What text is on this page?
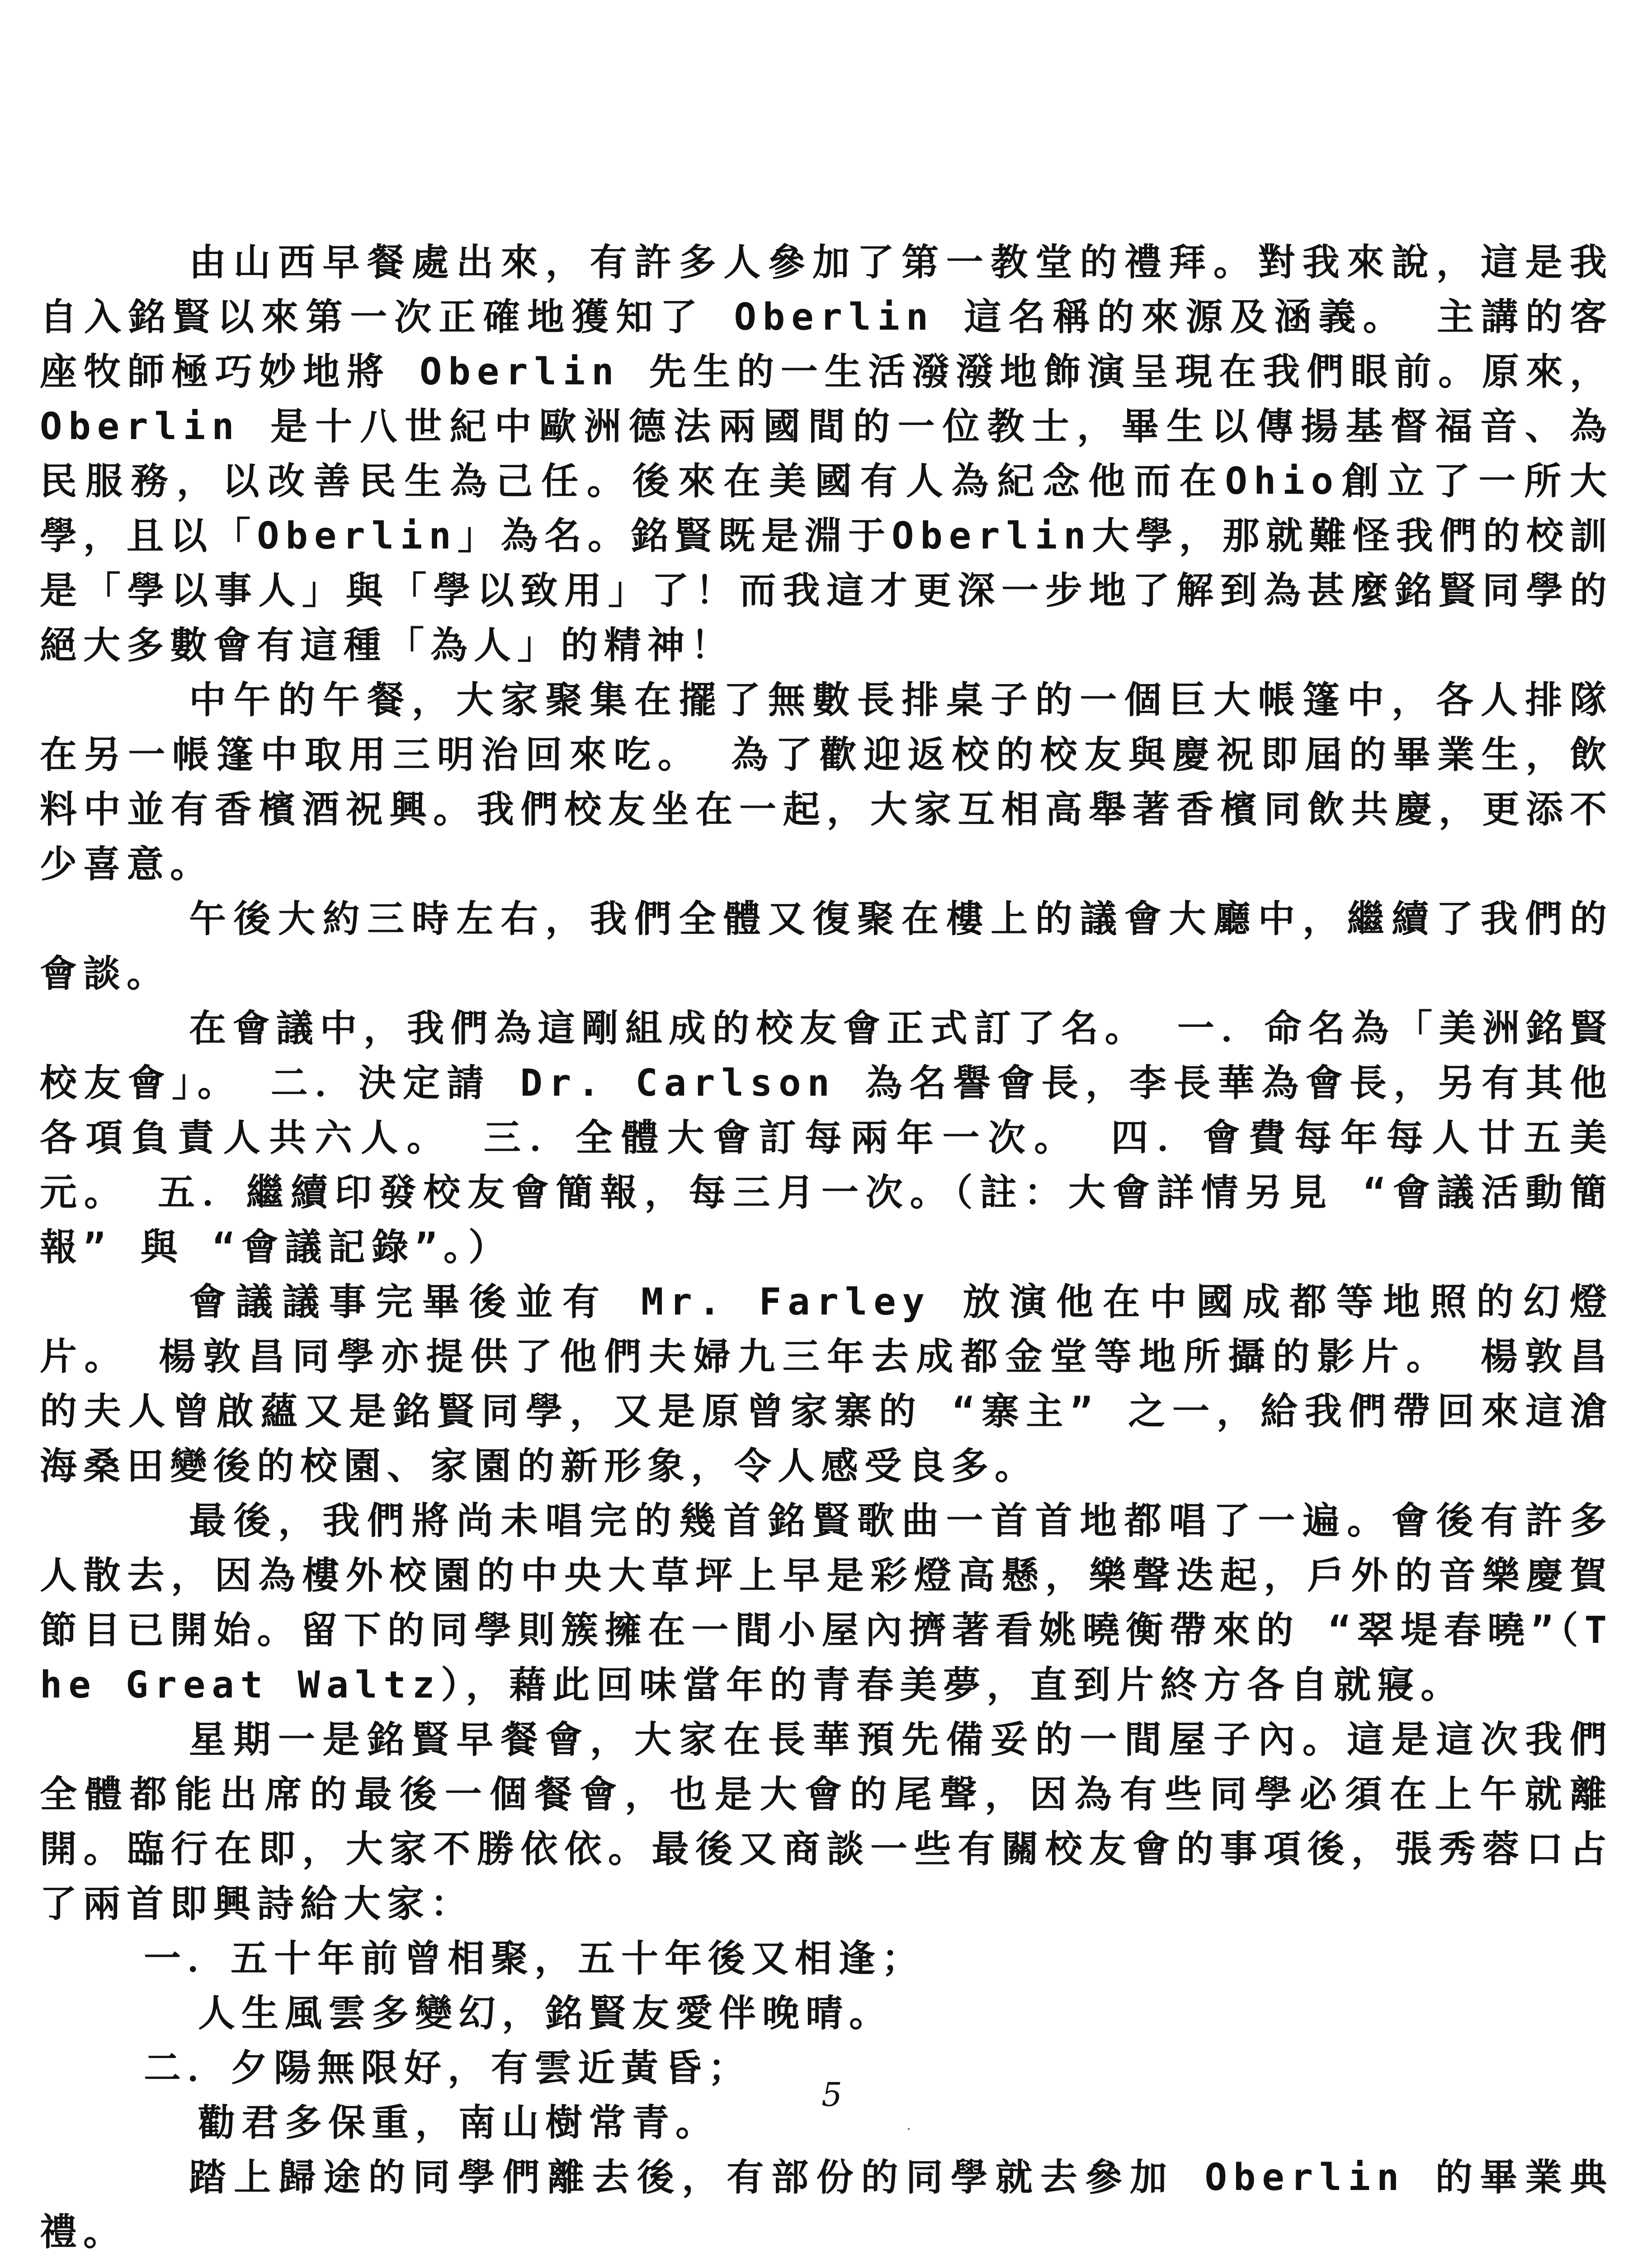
由山西早餐處出來，有許多人參加了第一教堂的禮拜。對我來說，這是我自入銘賢以來第一次正確地獲知了 Oberlin 這名稱的來源及涵義。 主講的客座牧師極巧妙地將 Oberlin 先生的一生活潑潑地飾演呈現在我們眼前。原來，Oberlin 是十八世紀中歐洲德法兩國間的一位教士，畢生以傳揚基督福音、為民服務，以改善民生為己任。後來在美國有人為紀念他而在Ohio創立了一所大學，且以「Oberlin」為名。銘賢既是淵于Oberlin大學，那就難怪我們的校訓是「學以事人」與「學以致用」了！而我這才更深一步地了解到為甚麼銘賢同學的絕大多數會有這種「為人」的精神！

中午的午餐，大家聚集在擺了無數長排桌子的一個巨大帳篷中，各人排隊在另一帳篷中取用三明治回來吃。 為了歡迎返校的校友與慶祝即屆的畢業生，飲料中並有香檳酒祝興。我們校友坐在一起，大家互相高舉著香檳同飲共慶，更添不少喜意。

午後大約三時左右，我們全體又復聚在樓上的議會大廳中，繼續了我們的會談。

在會議中，我們為這剛組成的校友會正式訂了名。 一．命名為「美洲銘賢校友會」。 二．決定請 Dr. Carlson 為名譽會長，李長華為會長，另有其他各項負責人共六人。 三．全體大會訂每兩年一次。 四．會費每年每人廿五美元。 五．繼續印發校友會簡報，每三月一次。（註：大會詳情另見 “會議活動簡報” 與 “會議記錄”。）

會議議事完畢後並有 Mr. Farley 放演他在中國成都等地照的幻燈片。 楊敦昌同學亦提供了他們夫婦九三年去成都金堂等地所攝的影片。 楊敦昌的夫人曾啟蘊又是銘賢同學，又是原曾家寨的 “寨主” 之一，給我們帶回來這滄海桑田變後的校園、家園的新形象，令人感受良多。

最後，我們將尚未唱完的幾首銘賢歌曲一首首地都唱了一遍。會後有許多人散去，因為樓外校園的中央大草坪上早是彩燈高懸，樂聲迭起，戶外的音樂慶賀節目已開始。留下的同學則簇擁在一間小屋內擠著看姚曉衡帶來的 “翠堤春曉”（The Great Waltz），藉此回味當年的青春美夢，直到片終方各自就寢。

星期一是銘賢早餐會，大家在長華預先備妥的一間屋子內。這是這次我們全體都能出席的最後一個餐會，也是大會的尾聲，因為有些同學必須在上午就離開。臨行在即，大家不勝依依。最後又商談一些有關校友會的事項後，張秀蓉口占了兩首即興詩給大家：

一．五十年前曾相聚，五十年後又相逢；

人生風雲多變幻，銘賢友愛伴晚晴。

二．夕陽無限好，有雲近黃昏；

勸君多保重，南山樹常青。

踏上歸途的同學們離去後，有部份的同學就去參加 Oberlin 的畢業典禮。

5
